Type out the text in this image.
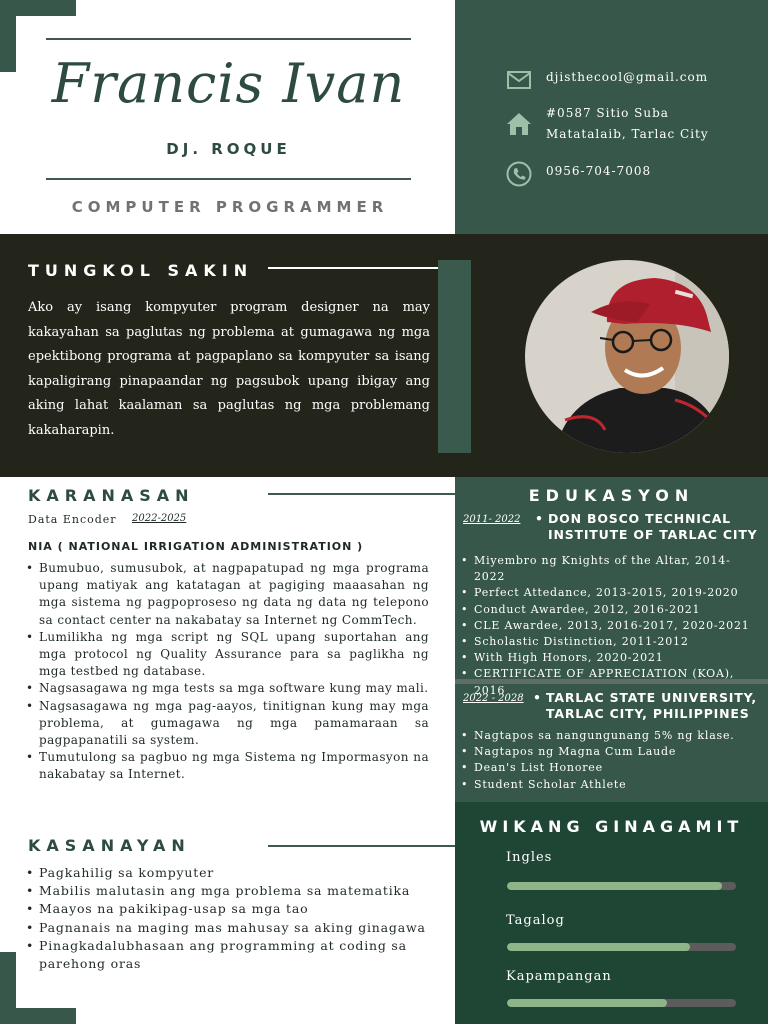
Francis Ivan
DJ. ROQUE
COMPUTER PROGRAMMER
djisthecool@gmail.com
#0587 Sitio Suba Matatalaib, Tarlac City
0956-704-7008
TUNGKOL SAKIN
Ako ay isang kompyuter program designer na may kakayahan sa paglutas ng problema at gumagawa ng mga epektibong programa at pagpaplano sa kompyuter sa isang kapaligirang pinapaandar ng pagsubok upang ibigay ang aking lahat kaalaman sa paglutas ng mga problemang kakaharapin.
KARANASAN
Data Encoder 2022-2025
NIA ( NATIONAL IRRIGATION ADMINISTRATION )
• Bumubuo, sumusubok, at nagpapatupad ng mga programa upang matiyak ang katatagan at pagiging maaasahan ng mga sistema ng pagpoproseso ng data ng data ng telepono sa contact center na nakabatay sa Internet ng CommTech.
• Lumilikha ng mga script ng SQL upang suportahan ang mga protocol ng Quality Assurance para sa paglikha ng mga testbed ng database.
• Nagsasagawa ng mga tests sa mga software kung may mali.
• Nagsasagawa ng mga pag-aayos, tinitignan kung may mga problema, at gumagawa ng mga pamamaraan sa pagpapanatili sa system.
• Tumutulong sa pagbuo ng mga Sistema ng Impormasyon na nakabatay sa Internet.
KASANAYAN
• Pagkahilig sa kompyuter
• Mabilis malutasin ang mga problema sa matematika
• Maayos na pakikipag-usap sa mga tao
• Pagnanais na maging mas mahusay sa aking ginagawa
• Pinagkadalubhasaan ang programming at coding sa parehong oras
EDUKASYON
2011- 2022	• DON BOSCO TECHNICAL INSTITUTE OF TARLAC CITY
• Miyembro ng Knights of the Altar, 2014-2022
• Perfect Attedance, 2013-2015, 2019-2020
• Conduct Awardee, 2012, 2016-2021
• CLE Awardee, 2013, 2016-2017, 2020-2021
• Scholastic Distinction, 2011-2012
• With High Honors, 2020-2021
• CERTIFICATE OF APPRECIATION (KOA), 2016
2022 - 2028	• TARLAC STATE UNIVERSITY, TARLAC CITY, PHILIPPINES
• Nagtapos sa nangungunang 5% ng klase.
• Nagtapos ng Magna Cum Laude
• Dean's List Honoree
• Student Scholar Athlete
WIKANG GINAGAMIT
Ingles
Tagalog
Kapampangan
